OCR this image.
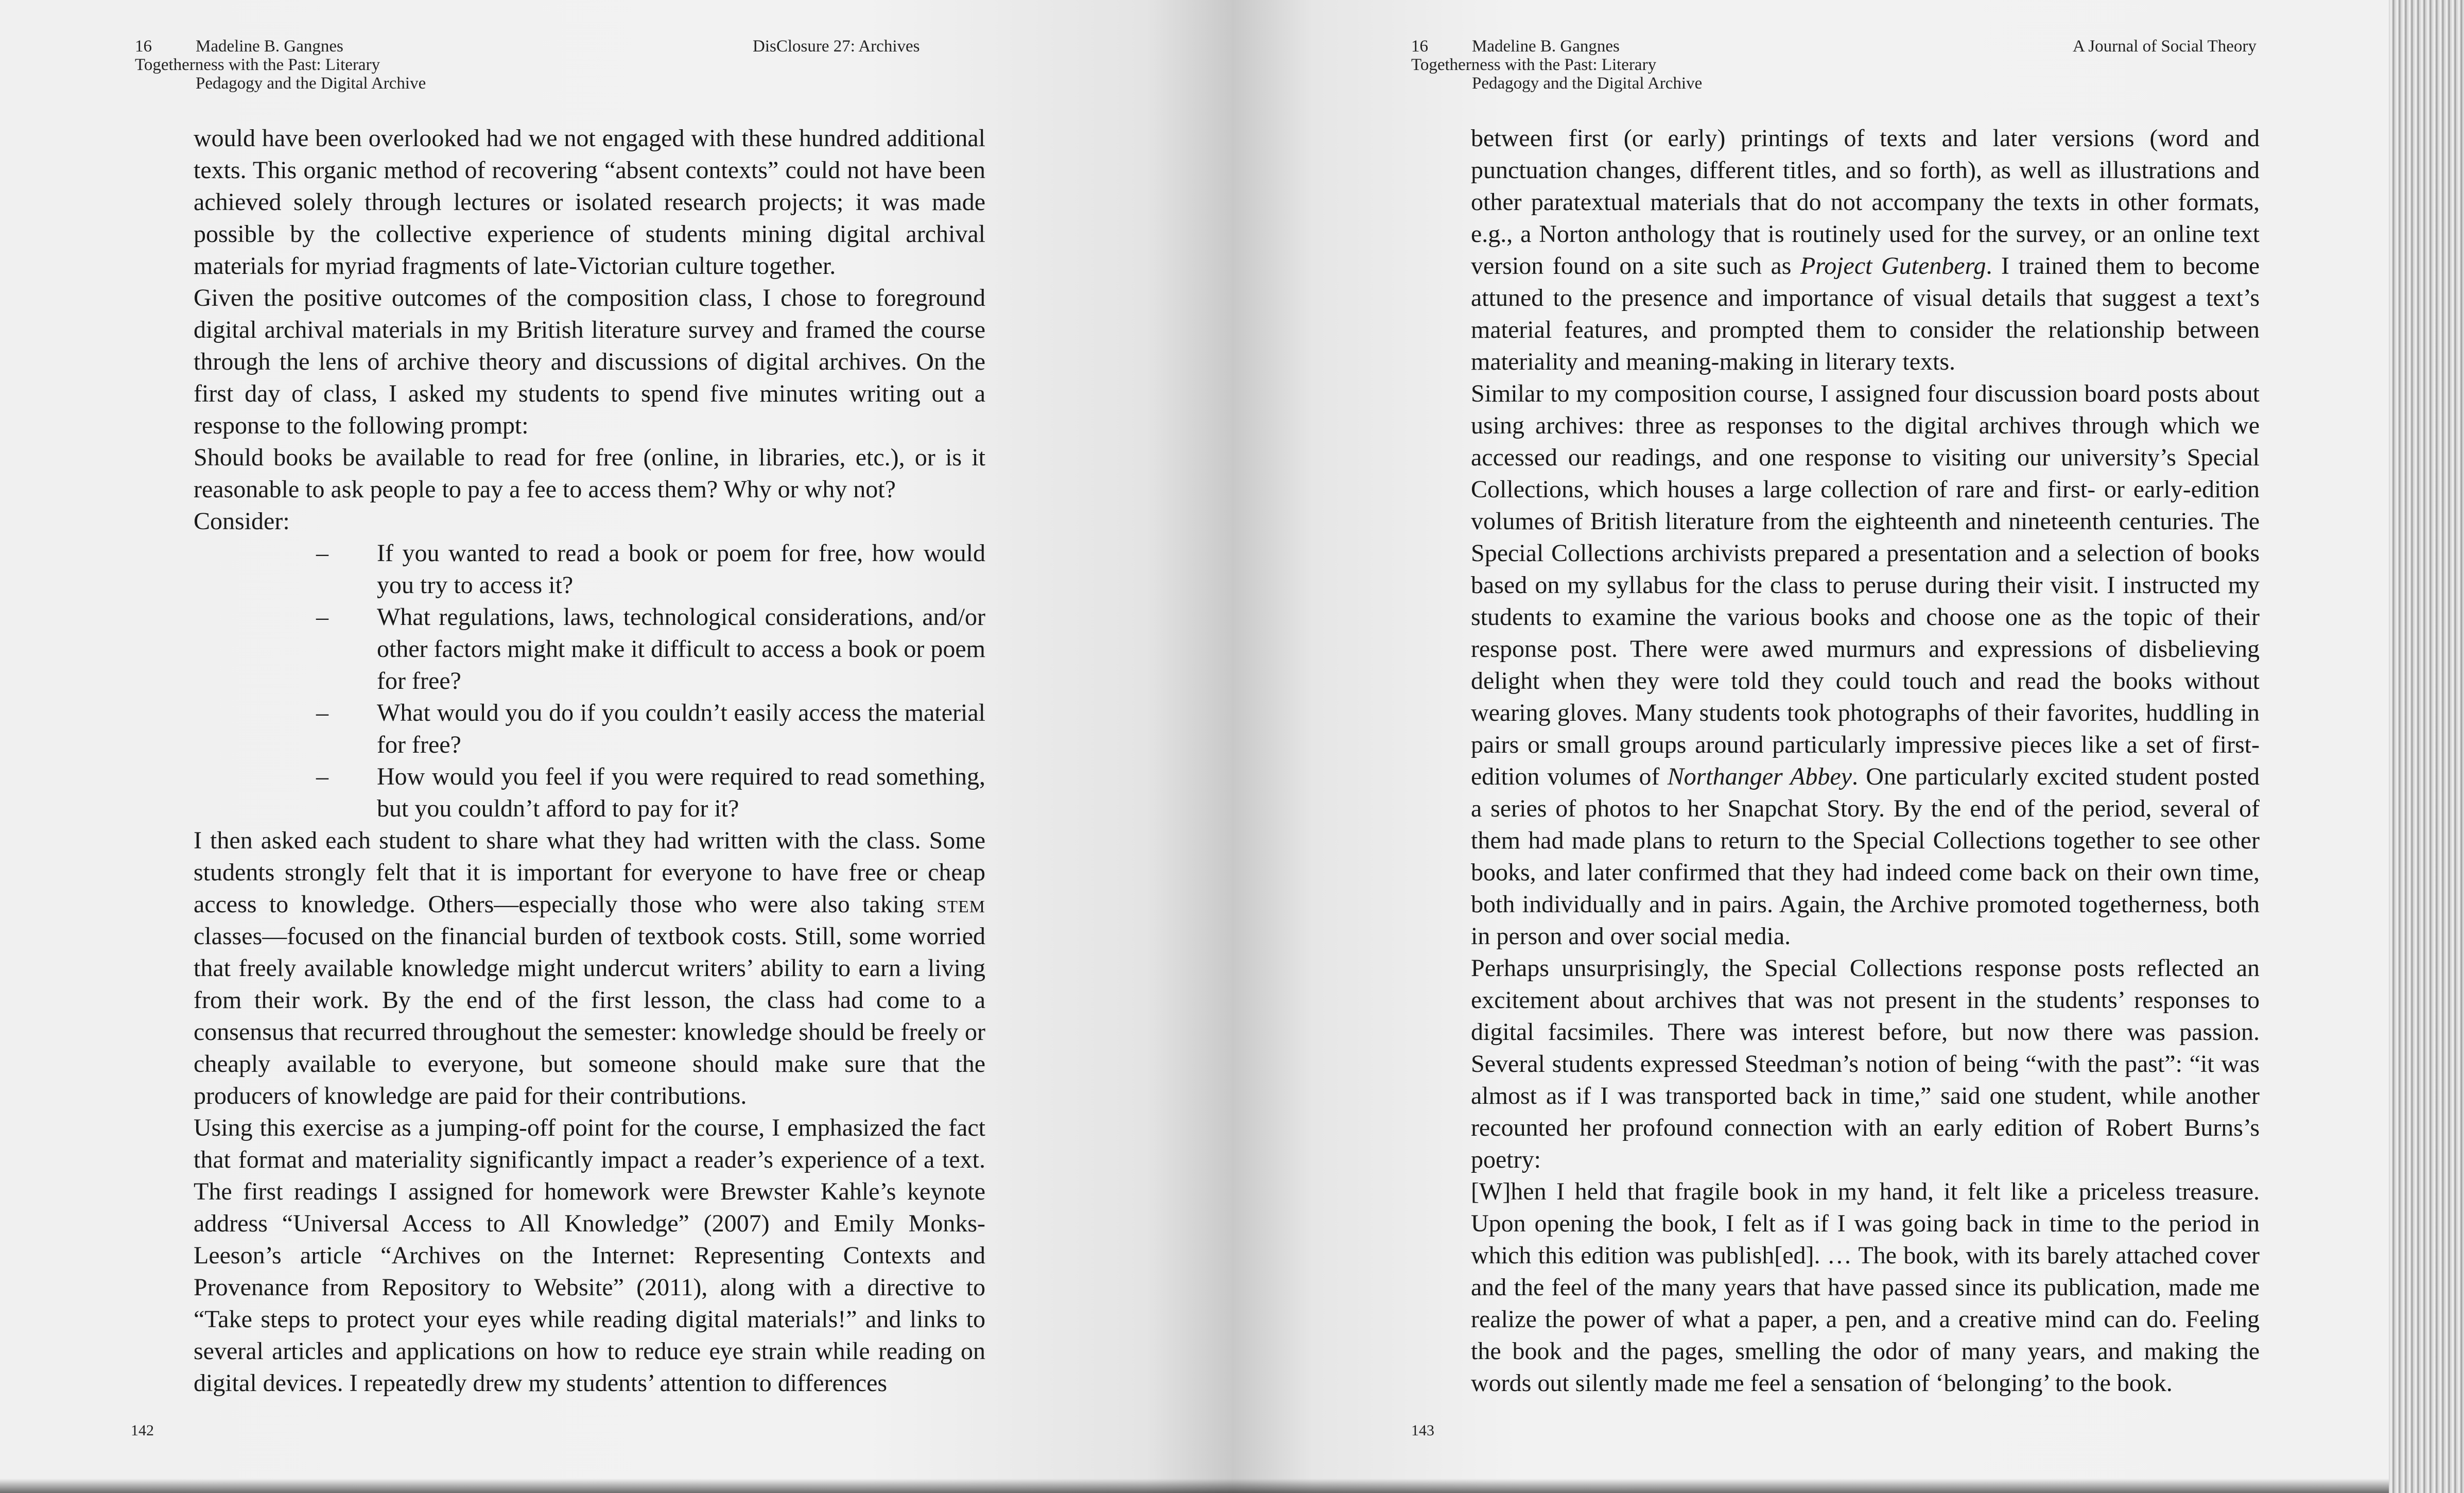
16	Madeline B. Gangnes
Togetherness with the Past: Literary
Pedagogy and the Digital Archive
DisClosure 27: Archives

would have been overlooked had we not engaged with these hundred additional texts. This organic method of recovering “absent contexts” could not have been achieved solely through lectures or isolated research projects; it was made possible by the collective experience of students mining digital archival materials for myriad fragments of late-Victorian culture together.

Given the positive outcomes of the composition class, I chose to foreground digital archival materials in my British literature survey and framed the course through the lens of archive theory and discussions of digital archives. On the first day of class, I asked my students to spend five minutes writing out a response to the following prompt:

Should books be available to read for free (online, in libraries, etc.), or is it reasonable to ask people to pay a fee to access them? Why or why not?

Consider:

– If you wanted to read a book or poem for free, how would you try to access it?
– What regulations, laws, technological considerations, and/or other factors might make it difficult to access a book or poem for free?
– What would you do if you couldn’t easily access the material for free?
– How would you feel if you were required to read something, but you couldn’t afford to pay for it?

I then asked each student to share what they had written with the class. Some students strongly felt that it is important for everyone to have free or cheap access to knowledge. Others—especially those who were also taking stem classes—focused on the financial burden of textbook costs. Still, some worried that freely available knowledge might undercut writers’ ability to earn a living from their work. By the end of the first lesson, the class had come to a consensus that recurred throughout the semester: knowledge should be freely or cheaply available to everyone, but someone should make sure that the producers of knowledge are paid for their contributions.

Using this exercise as a jumping-off point for the course, I emphasized the fact that format and materiality significantly impact a reader’s experience of a text. The first readings I assigned for homework were Brewster Kahle’s keynote address “Universal Access to All Knowledge” (2007) and Emily Monks-Leeson’s article “Archives on the Internet: Representing Contexts and Provenance from Repository to Website” (2011), along with a directive to “Take steps to protect your eyes while reading digital materials!” and links to several articles and applications on how to reduce eye strain while reading on digital devices. I repeatedly drew my students’ attention to differences

142
16	Madeline B. Gangnes
Togetherness with the Past: Literary
Pedagogy and the Digital Archive
A Journal of Social Theory

between first (or early) printings of texts and later versions (word and punctuation changes, different titles, and so forth), as well as illustrations and other paratextual materials that do not accompany the texts in other formats, e.g., a Norton anthology that is routinely used for the survey, or an online text version found on a site such as Project Gutenberg. I trained them to become attuned to the presence and importance of visual details that suggest a text’s material features, and prompted them to consider the relationship between materiality and meaning-making in literary texts.

Similar to my composition course, I assigned four discussion board posts about using archives: three as responses to the digital archives through which we accessed our readings, and one response to visiting our university’s Special Collections, which houses a large collection of rare and first- or early-edition volumes of British literature from the eighteenth and nineteenth centuries. The Special Collections archivists prepared a presentation and a selection of books based on my syllabus for the class to peruse during their visit. I instructed my students to examine the various books and choose one as the topic of their response post. There were awed murmurs and expressions of disbelieving delight when they were told they could touch and read the books without wearing gloves. Many students took photographs of their favorites, huddling in pairs or small groups around particularly impressive pieces like a set of first-edition volumes of Northanger Abbey. One particularly excited student posted a series of photos to her Snapchat Story. By the end of the period, several of them had made plans to return to the Special Collections together to see other books, and later confirmed that they had indeed come back on their own time, both individually and in pairs. Again, the Archive promoted togetherness, both in person and over social media.

Perhaps unsurprisingly, the Special Collections response posts reflected an excitement about archives that was not present in the students’ responses to digital facsimiles. There was interest before, but now there was passion. Several students expressed Steedman’s notion of being “with the past”: “it was almost as if I was transported back in time,” said one student, while another recounted her profound connection with an early edition of Robert Burns’s poetry:

[W]hen I held that fragile book in my hand, it felt like a priceless treasure. Upon opening the book, I felt as if I was going back in time to the period in which this edition was publish[ed]. … The book, with its barely attached cover and the feel of the many years that have passed since its publication, made me realize the power of what a paper, a pen, and a creative mind can do. Feeling the book and the pages, smelling the odor of many years, and making the words out silently made me feel a sensation of ‘belonging’ to the book.

143
